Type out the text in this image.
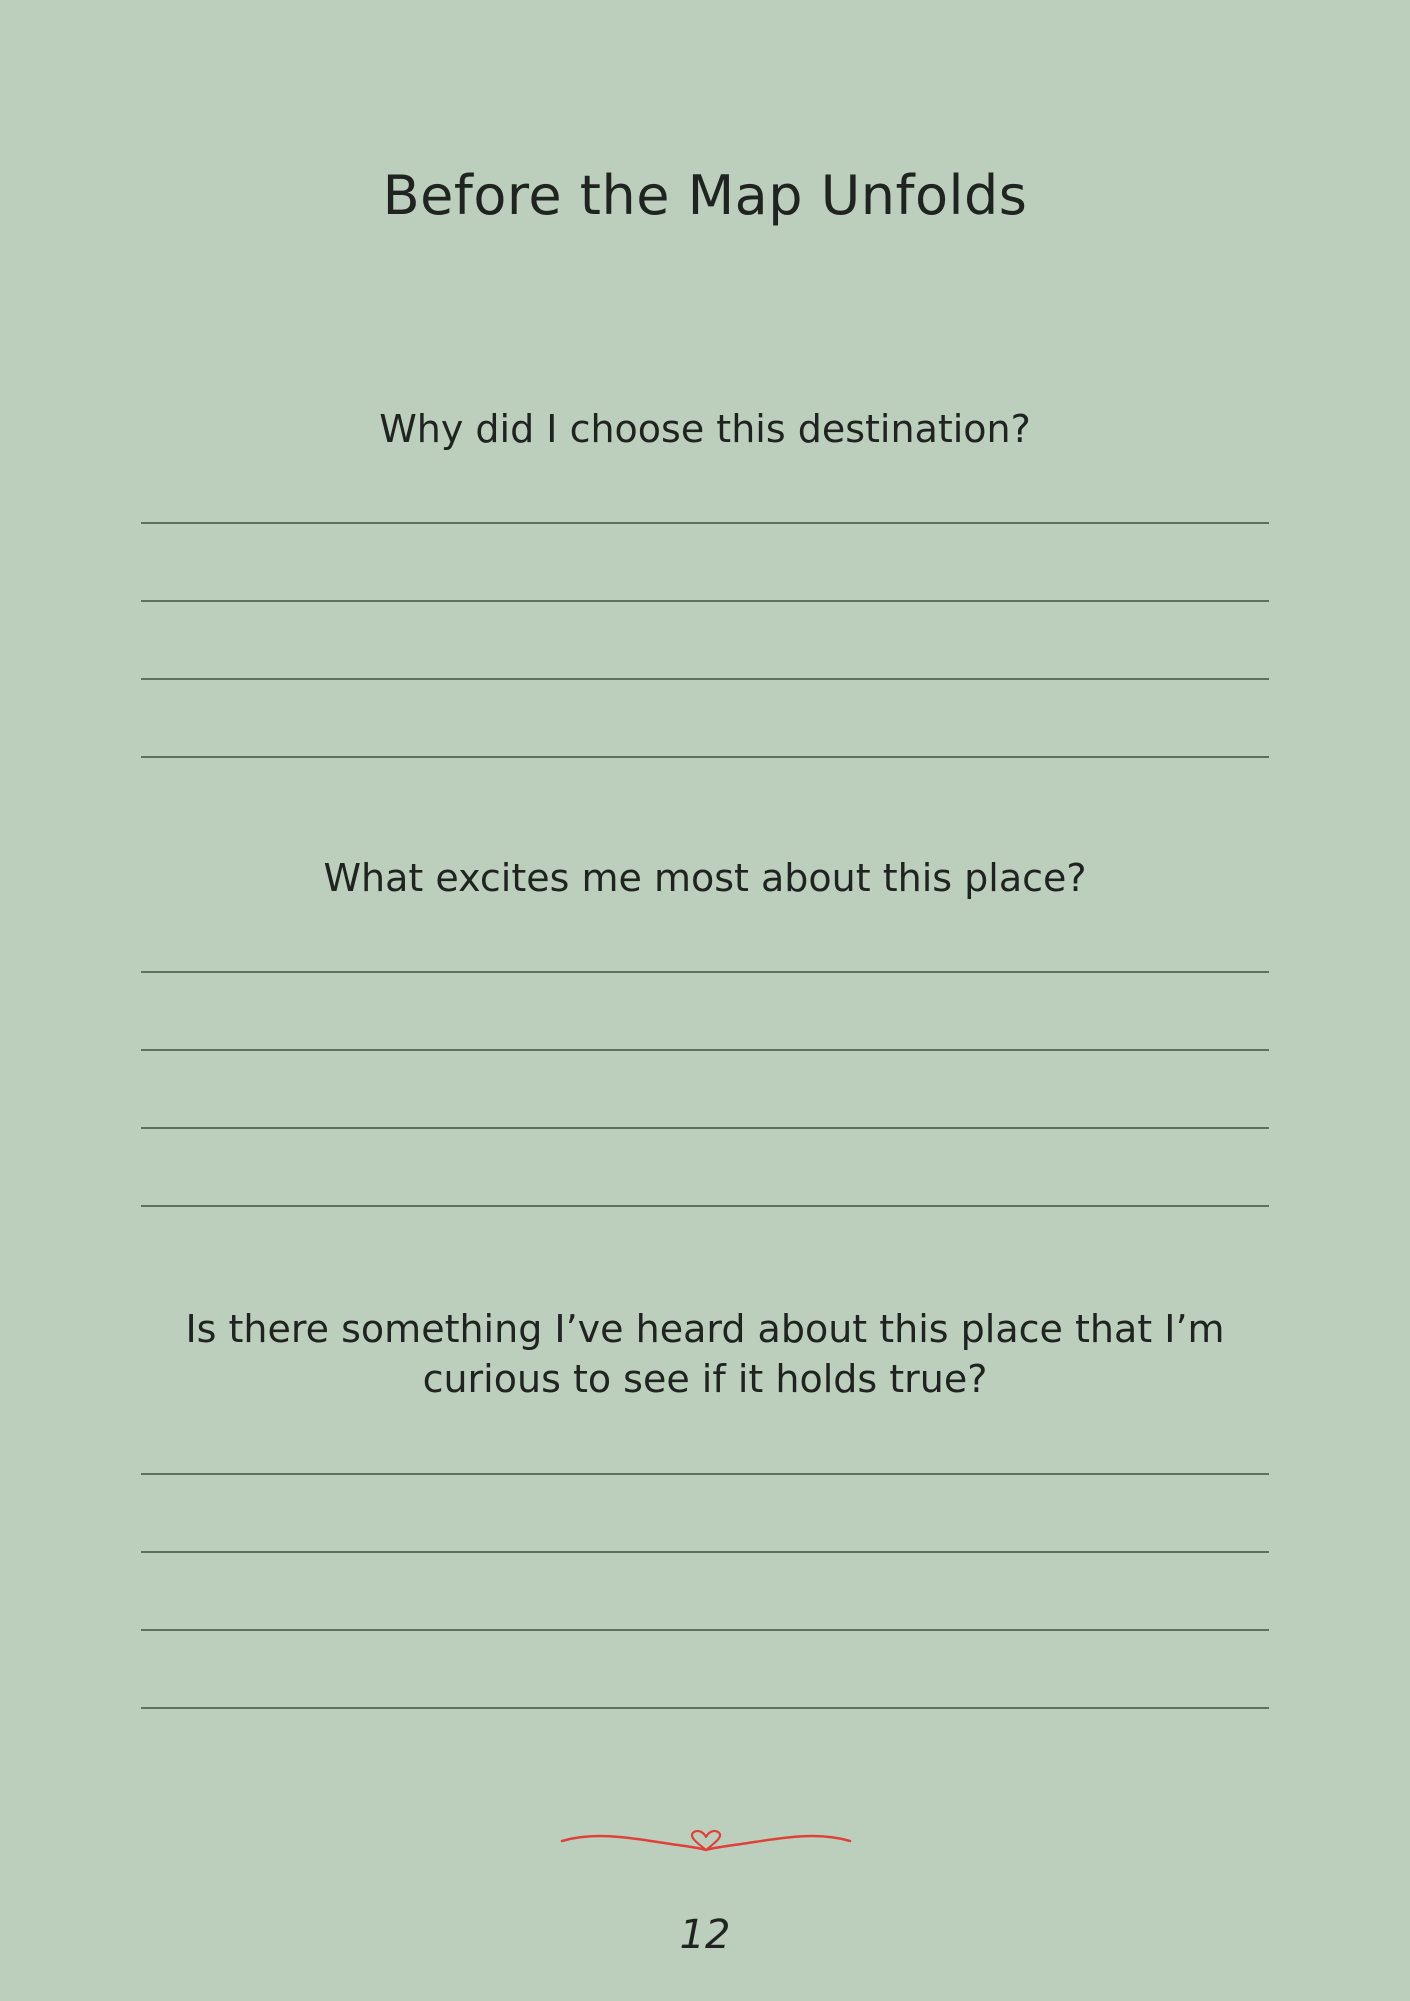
Before the Map Unfolds
Why did I choose this destination?
What excites me most about this place?
Is there something I’ve heard about this place that I’m curious to see if it holds true?
12
